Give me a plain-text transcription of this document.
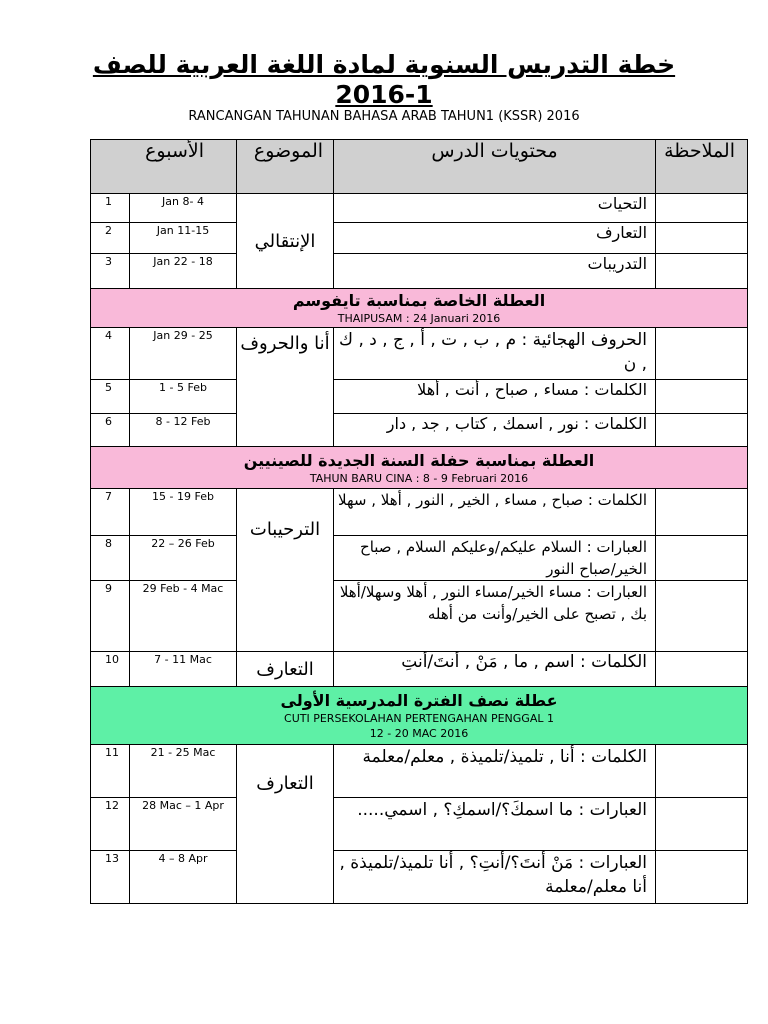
خطة التدريس السنوية لمادة اللغة العربية للصف
2016-1
RANCANGAN TAHUNAN BAHASA ARAB TAHUN1 (KSSR) 2016
الأسبوع		الموضوع	محتويات الدرس	الملاحظة
1	Jan 8- 4	الإنتقالي	التحيات	
2	Jan 11-15		التعارف	
3	Jan 22 - 18		التدريبات	

العطلة الخاصة بمناسبة تايفوسم
THAIPUSAM : 24 Januari 2016				

4	Jan 29 - 25	أنا والحروف	الحروف الهجائية : م , ب , ت , أ , ج , د , ك , ن	
5	1 - 5 Feb		الكلمات : مساء , صباح , أنت , أهلا	
6	8 - 12 Feb		الكلمات : نور , اسمك , كتاب , جد , دار	

العطلة بمناسبة حفلة السنة الجديدة للصينيين
TAHUN BARU CINA : 8 - 9 Februari 2016				

7	15 - 19 Feb	الترحيبات	الكلمات : صباح , مساء , الخير , النور , أهلا , سهلا	
8	22 – 26 Feb		العبارات : السلام عليكم/وعليكم السلام , صباح الخير/صباح النور	
9	29 Feb - 4 Mac		العبارات : مساء الخير/مساء النور , أهلا وسهلا/أهلا بك , تصبح على الخير/وأنت من أهله	
10	7 - 11 Mac	التعارف	الكلمات : اسم , ما , مَنْ , أنتَ/أنتِ	

عطلة نصف الفترة المدرسية الأولى
CUTI PERSEKOLAHAN PERTENGAHAN PENGGAL 1
12 - 20 MAC 2016				

11	21 - 25 Mac	التعارف	الكلمات : أنا , تلميذ/تلميذة , معلم/معلمة	
12	28 Mac – 1 Apr		العبارات : ما اسمكَ؟/اسمكِ؟ , اسمي.....	
13	4 – 8 Apr		العبارات : مَنْ أنتَ؟/أنتِ؟ , أنا تلميذ/تلميذة , أنا معلم/معلمة	
